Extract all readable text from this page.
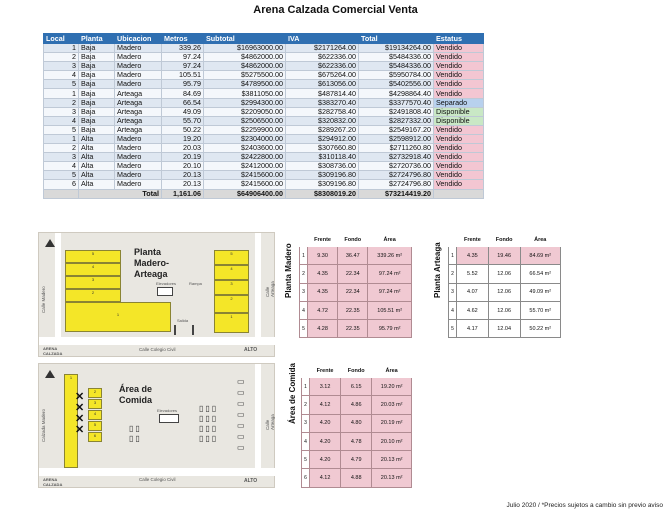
Arena Calzada Comercial Venta
Local	Planta	Ubicacion	Metros	Subtotal	IVA	Total	Estatus
1	Baja	Madero	339.26	$16963000.00	$2171264.00	$19134264.00	Vendido
2	Baja	Madero	97.24	$4862000.00	$622336.00	$5484336.00	Vendido
3	Baja	Madero	97.24	$4862000.00	$622336.00	$5484336.00	Vendido
4	Baja	Madero	105.51	$5275500.00	$675264.00	$5950784.00	Vendido
5	Baja	Madero	95.79	$4789500.00	$613056.00	$5402556.00	Vendido
1	Baja	Arteaga	84.69	$3811050.00	$487814.40	$4298864.40	Vendido
2	Baja	Arteaga	66.54	$2994300.00	$383270.40	$3377570.40	Separado
3	Baja	Arteaga	49.09	$2209050.00	$282758.40	$2491808.40	Disponible
4	Baja	Arteaga	55.70	$2506500.00	$320832.00	$2827332.00	Disponible
5	Baja	Arteaga	50.22	$2259900.00	$289267.20	$2549167.20	Vendido
1	Alta	Madero	19.20	$2304000.00	$294912.00	$2598912.00	Vendido
2	Alta	Madero	20.03	$2403600.00	$307660.80	$2711260.80	Vendido
3	Alta	Madero	20.19	$2422800.00	$310118.40	$2732918.40	Vendido
4	Alta	Madero	20.10	$2412000.00	$308736.00	$2720736.00	Vendido
5	Alta	Madero	20.13	$2415600.00	$309196.80	$2724796.80	Vendido
6	Alta	Madero	20.13	$2415600.00	$309196.80	$2724796.80	Vendido
	Total		1,161.06	$64906400.00	$8308019.20	$73214419.20	
5
4
3
2
1
5
4
3
2
1
Planta Madero-Arteaga
Elevadores	Rampa
Salida
Calle Madero	Calle Arteaga
Calle Colegio Civil
ARENA CALZADA
ALTO
1
2
3
4
5
6
✕
✕
✕
✕
Área de Comida
Elevadores	▯▯▯
▯▯▯
▯▯▯
▯▯▯
▭
▭
▭
▭
▭
▭
▭
▯▯
▯▯
Calzada Madero	Calle Arteaga
Calle Colegio Civil
ARENA CALZADA
ALTO
Planta Madero
	Frente	Fondo	Área
1	9.30	36.47	339.26 m²
2	4.35	22.34	97.24 m²
3	4.35	22.34	97.24 m²
4	4.72	22.35	105.51 m²
5	4.28	22.35	95.79 m²
Planta Arteaga
	Frente	Fondo	Área
1	4.35	19.46	84.69 m²
2	5.52	12.06	66.54 m²
3	4.07	12.06	49.09 m²
4	4.62	12.06	55.70 m²
5	4.17	12.04	50.22 m²
Área de Comida
		Frente	Fondo	Área
1	3.12	6.15	19.20 m²
2	4.12	4.86	20.03 m²
3	4.20	4.80	20.19 m²
4	4.20	4.78	20.10 m²
5	4.20	4.79	20.13 m²
6	4.12	4.88	20.13 m²
Julio 2020 / *Precios sujetos a cambio sin previo aviso
